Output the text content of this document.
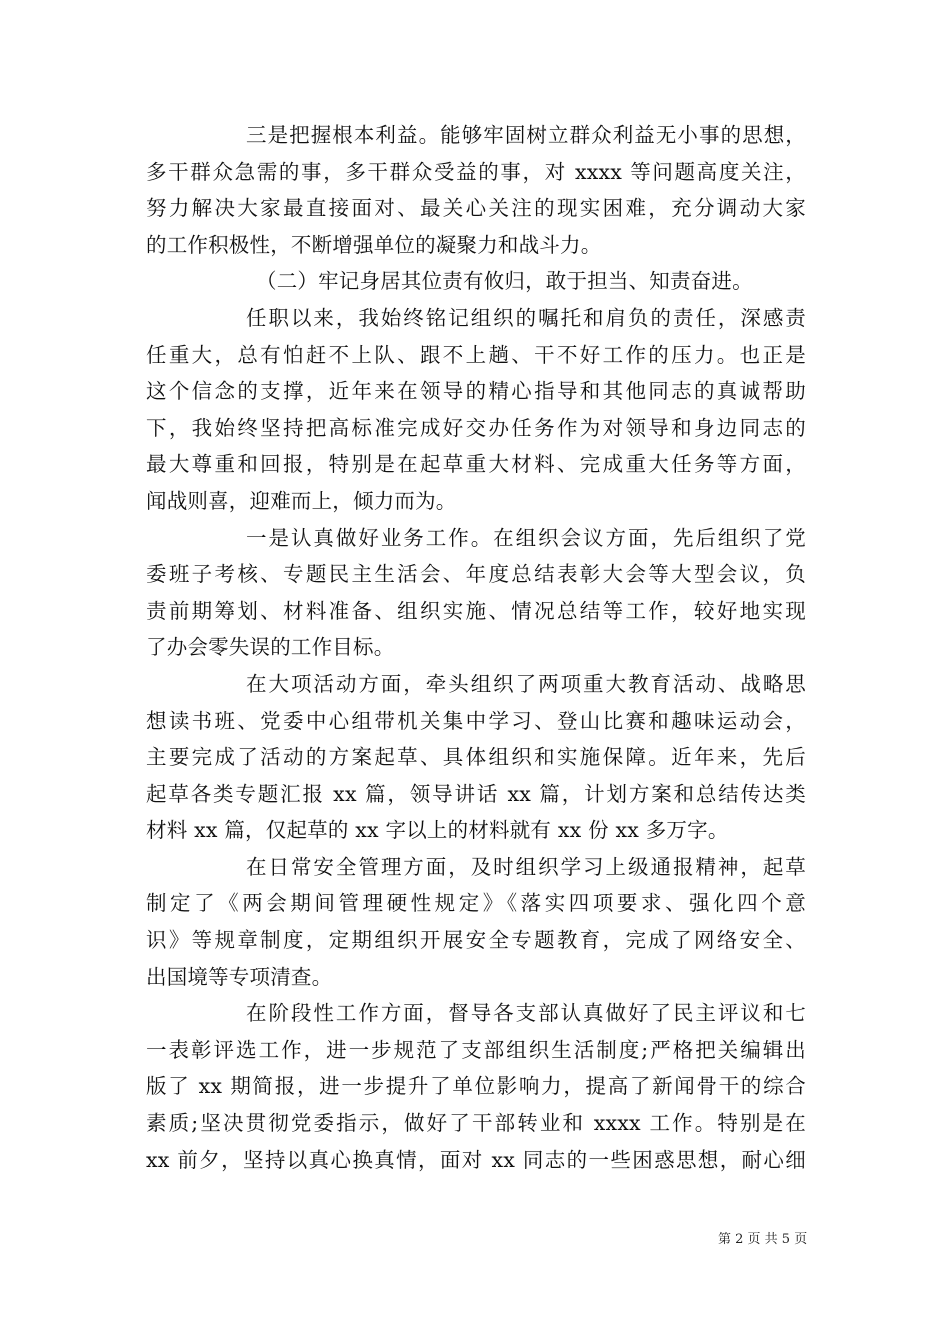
三是把握根本利益。能够牢固树立群众利益无小事的思想，
多干群众急需的事，多干群众受益的事，对 xxxx 等问题高度关注，
努力解决大家最直接面对、最关心关注的现实困难，充分调动大家
的工作积极性，不断增强单位的凝聚力和战斗力。
（二）牢记身居其位责有攸归，敢于担当、知责奋进。
任职以来，我始终铭记组织的嘱托和肩负的责任，深感责
任重大，总有怕赶不上队、跟不上趟、干不好工作的压力。也正是
这个信念的支撑，近年来在领导的精心指导和其他同志的真诚帮助
下，我始终坚持把高标准完成好交办任务作为对领导和身边同志的
最大尊重和回报，特别是在起草重大材料、完成重大任务等方面，
闻战则喜，迎难而上，倾力而为。
一是认真做好业务工作。在组织会议方面，先后组织了党
委班子考核、专题民主生活会、年度总结表彰大会等大型会议，负
责前期筹划、材料准备、组织实施、情况总结等工作，较好地实现
了办会零失误的工作目标。
在大项活动方面，牵头组织了两项重大教育活动、战略思
想读书班、党委中心组带机关集中学习、登山比赛和趣味运动会，
主要完成了活动的方案起草、具体组织和实施保障。近年来，先后
起草各类专题汇报 xx 篇，领导讲话 xx 篇，计划方案和总结传达类
材料 xx 篇，仅起草的 xx 字以上的材料就有 xx 份 xx 多万字。
在日常安全管理方面，及时组织学习上级通报精神，起草
制定了《两会期间管理硬性规定》《落实四项要求、强化四个意
识》等规章制度，定期组织开展安全专题教育，完成了网络安全、
出国境等专项清查。
在阶段性工作方面，督导各支部认真做好了民主评议和七
一表彰评选工作，进一步规范了支部组织生活制度;严格把关编辑出
版了 xx 期简报，进一步提升了单位影响力，提高了新闻骨干的综合
素质;坚决贯彻党委指示，做好了干部转业和 xxxx 工作。特别是在
xx 前夕，坚持以真心换真情，面对 xx 同志的一些困惑思想，耐心细
第 2 页 共 5 页
